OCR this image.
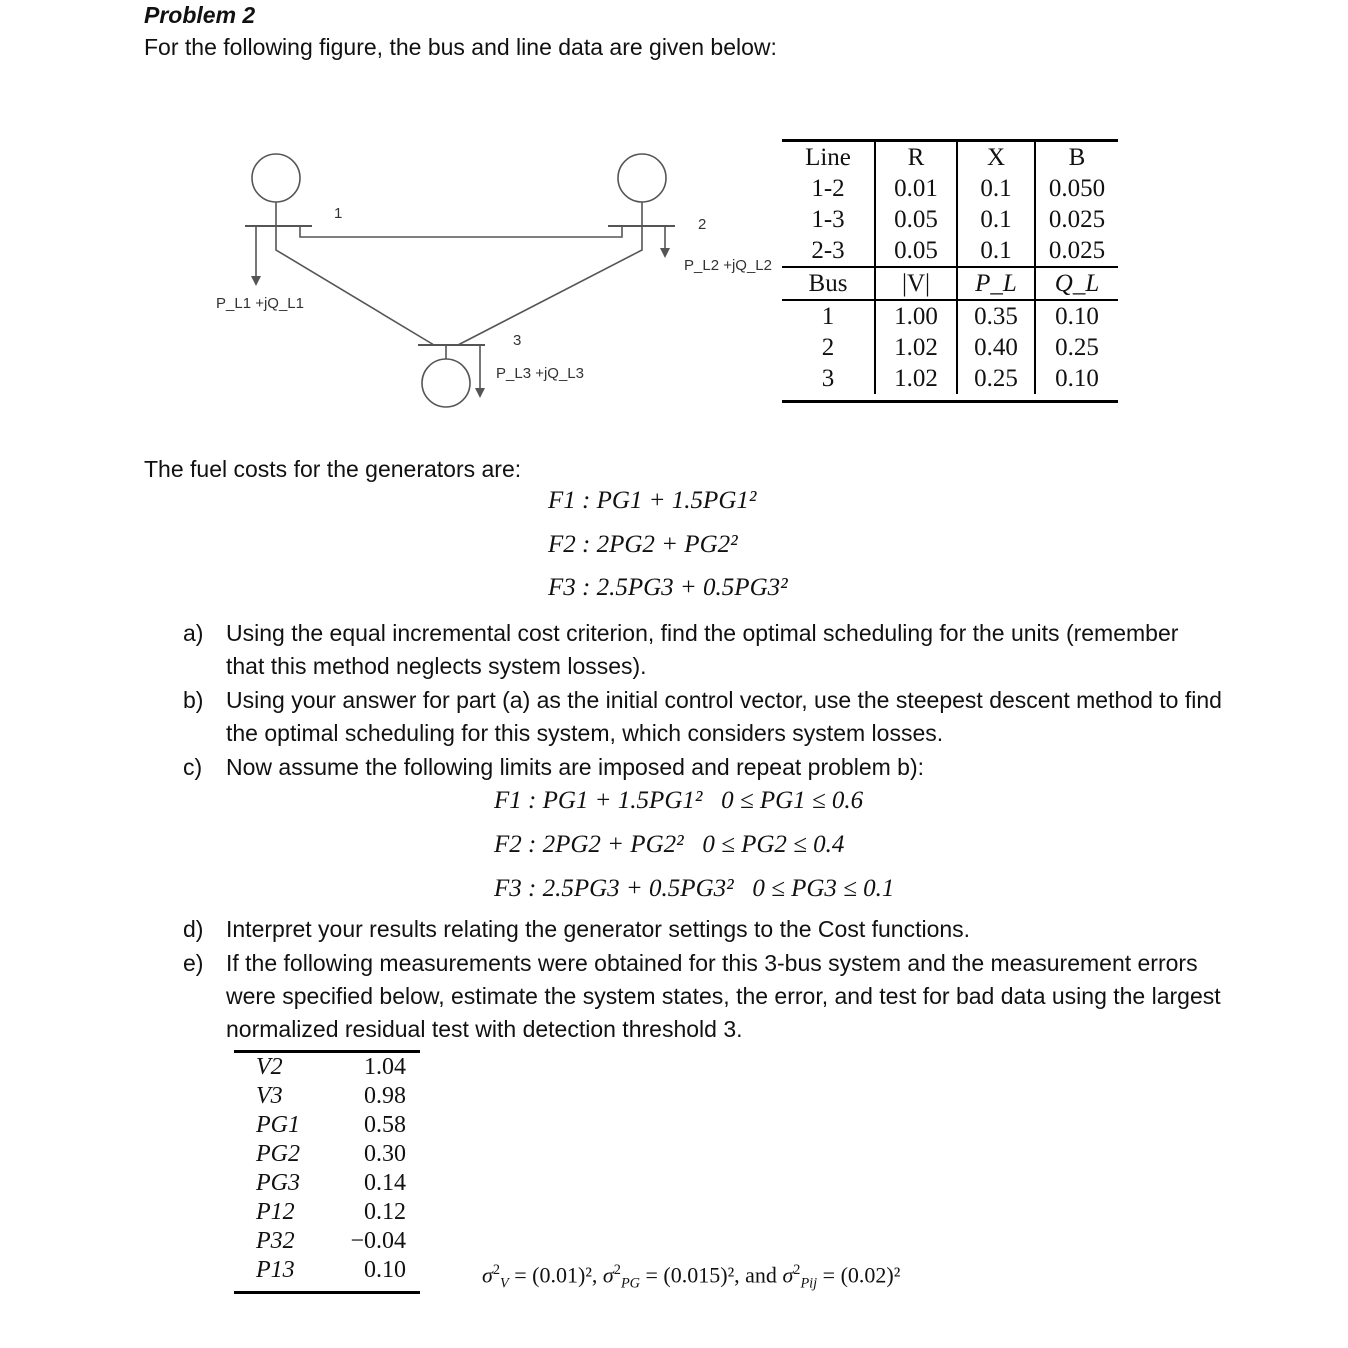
Problem 2
For the following figure, the bus and line data are given below:
1
2
3
P_L1 +jQ_L1
P_L2 +jQ_L2
P_L3 +jQ_L3
Line	R	X	B
1-2	0.01	0.1	0.050
1-3	0.05	0.1	0.025
2-3	0.05	0.1	0.025
Bus	|V|	P_L	Q_L
1	1.00	0.35	0.10
2	1.02	0.40	0.25
3	1.02	0.25	0.10

The fuel costs for the generators are:
F1 : PG1 + 1.5PG1²
F2 : 2PG2 + PG2²
F3 : 2.5PG3 + 0.5PG3²
a) Using the equal incremental cost criterion, find the optimal scheduling for the units (remember that this method neglects system losses).
b) Using your answer for part (a) as the initial control vector, use the steepest descent method to find the optimal scheduling for this system, which considers system losses.
c) Now assume the following limits are imposed and repeat problem b):
F1 : PG1 + 1.5PG1² 0 ≤ PG1 ≤ 0.6
F2 : 2PG2 + PG2² 0 ≤ PG2 ≤ 0.4
F3 : 2.5PG3 + 0.5PG3² 0 ≤ PG3 ≤ 0.1
d) Interpret your results relating the generator settings to the Cost functions.
e) If the following measurements were obtained for this 3-bus system and the measurement errors were specified below, estimate the system states, the error, and test for bad data using the largest normalized residual test with detection threshold 3.
V2	1.04
V3	0.98
PG1	0.58
PG2	0.30
PG3	0.14
P12	0.12
P32	−0.04
P13	0.10
		$\sigma^2_V = (0.01)^2$, $\sigma^2_{PG} = (0.015)^2$, and $\sigma^2_{Pij} = (0.02)^2$
